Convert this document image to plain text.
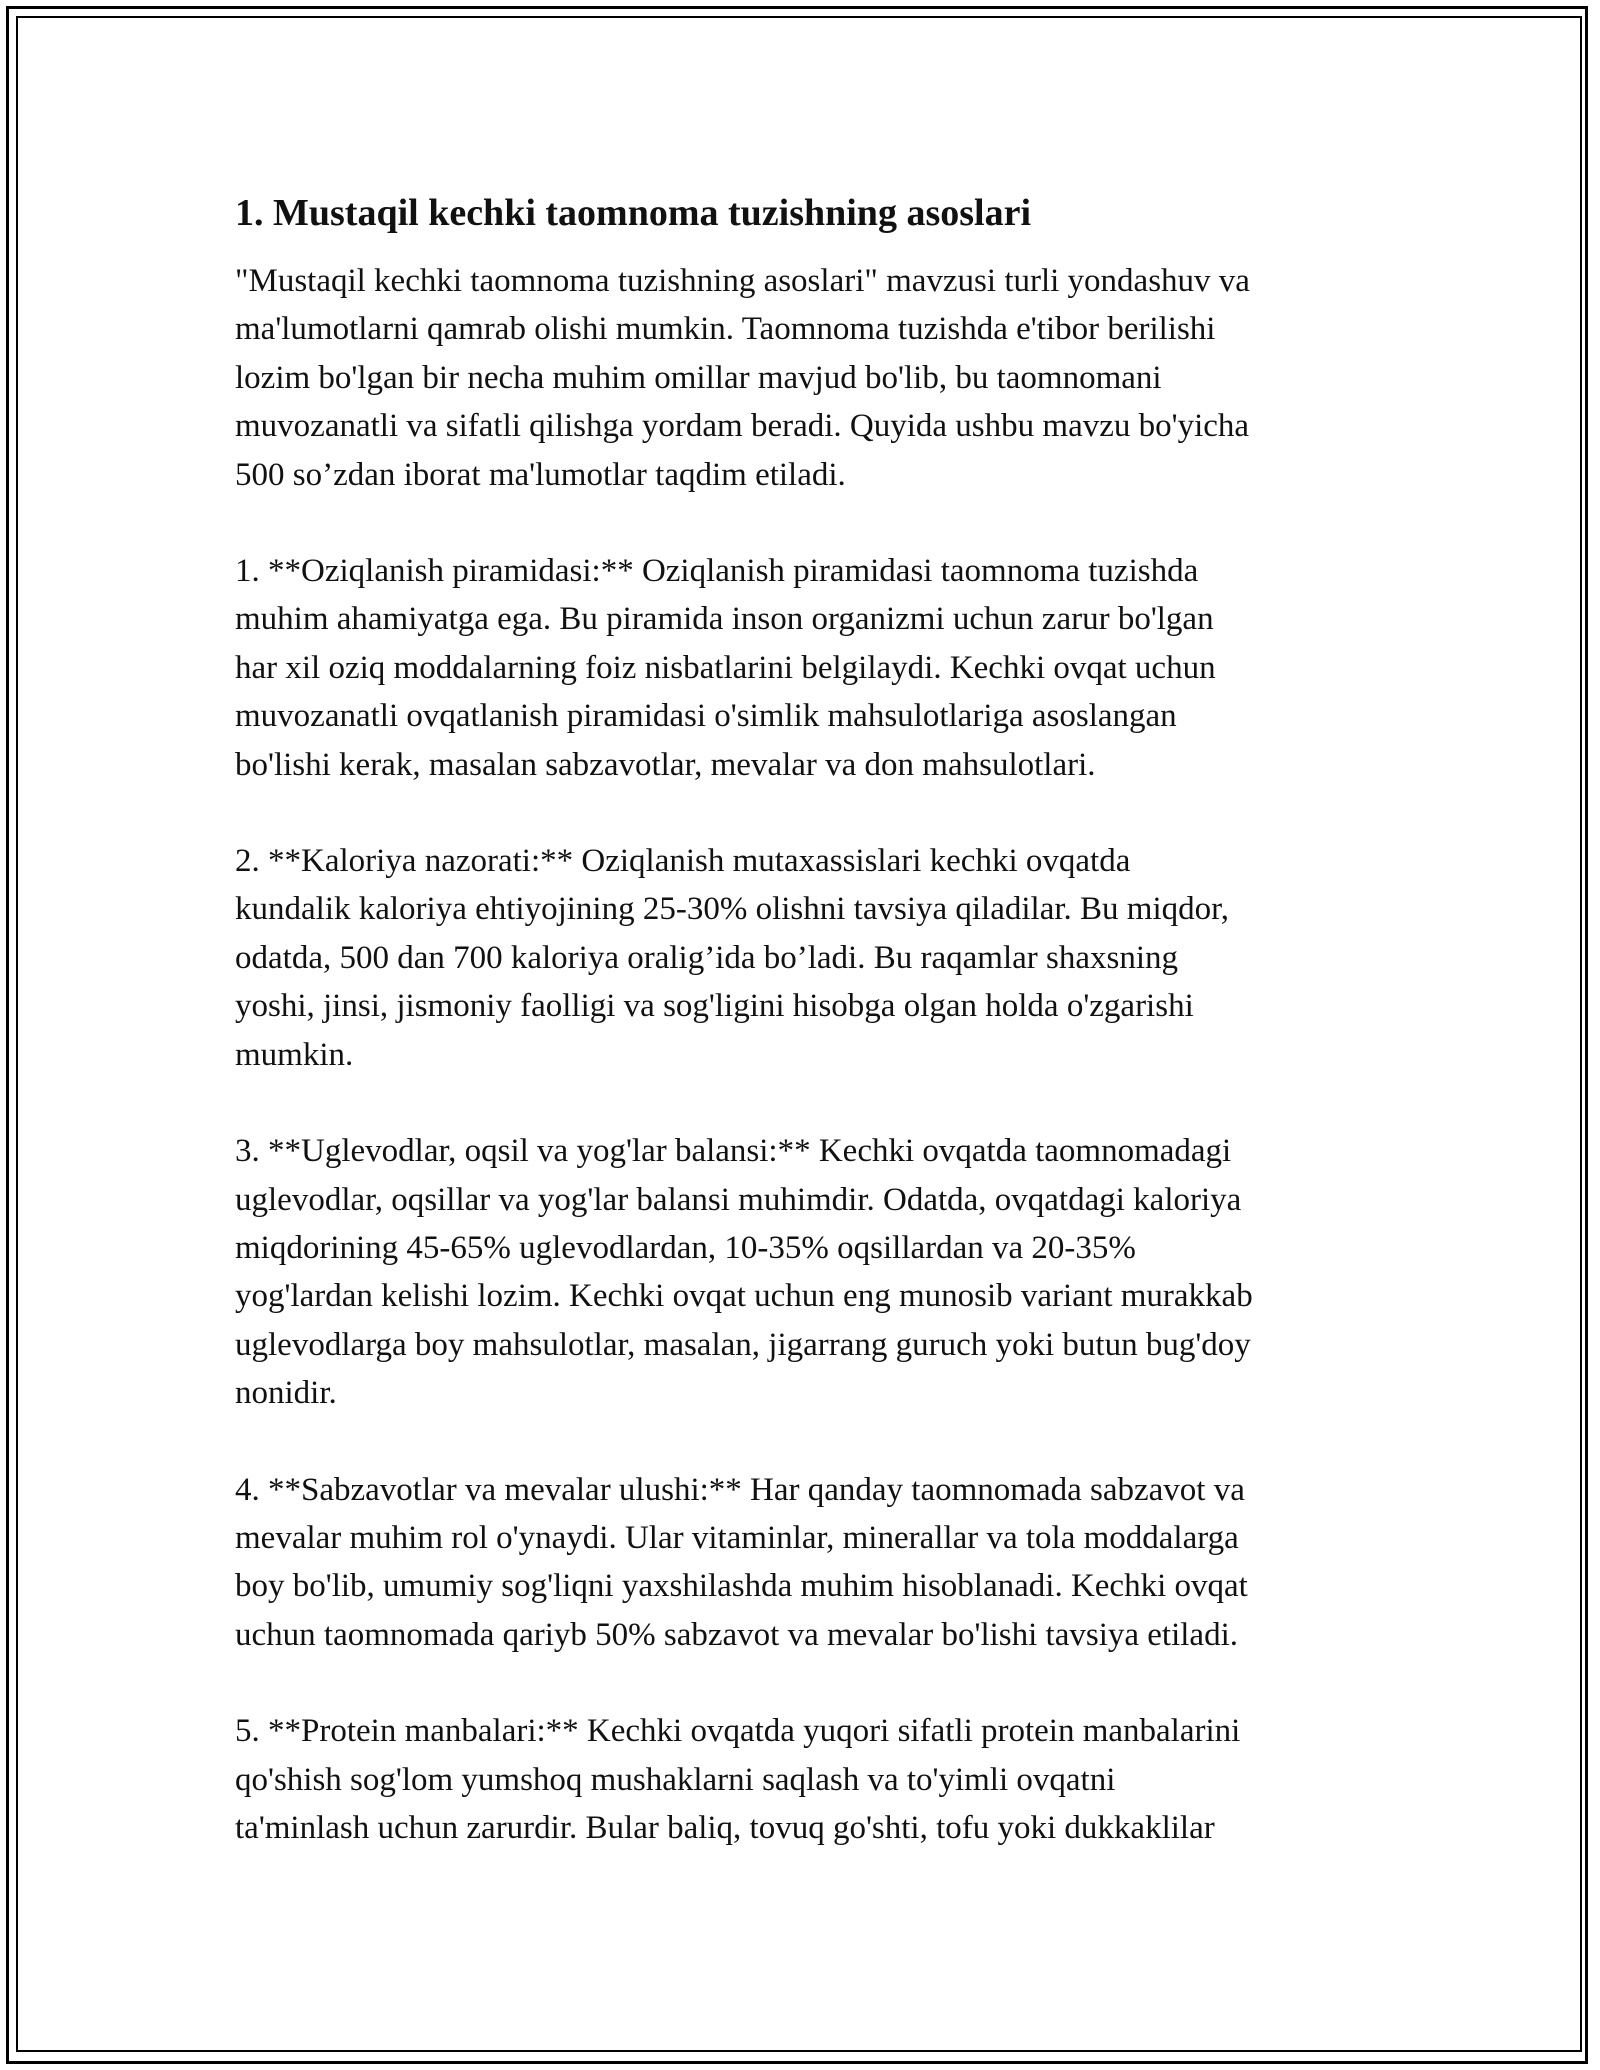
1. Mustaqil kechki taomnoma tuzishning asoslari

"Mustaqil kechki taomnoma tuzishning asoslari" mavzusi turli yondashuv va
ma'lumotlarni qamrab olishi mumkin. Taomnoma tuzishda e'tibor berilishi
lozim bo'lgan bir necha muhim omillar mavjud bo'lib, bu taomnomani
muvozanatli va sifatli qilishga yordam beradi. Quyida ushbu mavzu bo'yicha
500 so’zdan iborat ma'lumotlar taqdim etiladi.

1. **Oziqlanish piramidasi:** Oziqlanish piramidasi taomnoma tuzishda
muhim ahamiyatga ega. Bu piramida inson organizmi uchun zarur bo'lgan
har xil oziq moddalarning foiz nisbatlarini belgilaydi. Kechki ovqat uchun
muvozanatli ovqatlanish piramidasi o'simlik mahsulotlariga asoslangan
bo'lishi kerak, masalan sabzavotlar, mevalar va don mahsulotlari.

2. **Kaloriya nazorati:** Oziqlanish mutaxassislari kechki ovqatda
kundalik kaloriya ehtiyojining 25-30% olishni tavsiya qiladilar. Bu miqdor,
odatda, 500 dan 700 kaloriya oralig’ida bo’ladi. Bu raqamlar shaxsning
yoshi, jinsi, jismoniy faolligi va sog'ligini hisobga olgan holda o'zgarishi
mumkin.

3. **Uglevodlar, oqsil va yog'lar balansi:** Kechki ovqatda taomnomadagi
uglevodlar, oqsillar va yog'lar balansi muhimdir. Odatda, ovqatdagi kaloriya
miqdorining 45-65% uglevodlardan, 10-35% oqsillardan va 20-35%
yog'lardan kelishi lozim. Kechki ovqat uchun eng munosib variant murakkab
uglevodlarga boy mahsulotlar, masalan, jigarrang guruch yoki butun bug'doy
nonidir.

4. **Sabzavotlar va mevalar ulushi:** Har qanday taomnomada sabzavot va
mevalar muhim rol o'ynaydi. Ular vitaminlar, minerallar va tola moddalarga
boy bo'lib, umumiy sog'liqni yaxshilashda muhim hisoblanadi. Kechki ovqat
uchun taomnomada qariyb 50% sabzavot va mevalar bo'lishi tavsiya etiladi.

5. **Protein manbalari:** Kechki ovqatda yuqori sifatli protein manbalarini
qo'shish sog'lom yumshoq mushaklarni saqlash va to'yimli ovqatni
ta'minlash uchun zarurdir. Bular baliq, tovuq go'shti, tofu yoki dukkaklilar
